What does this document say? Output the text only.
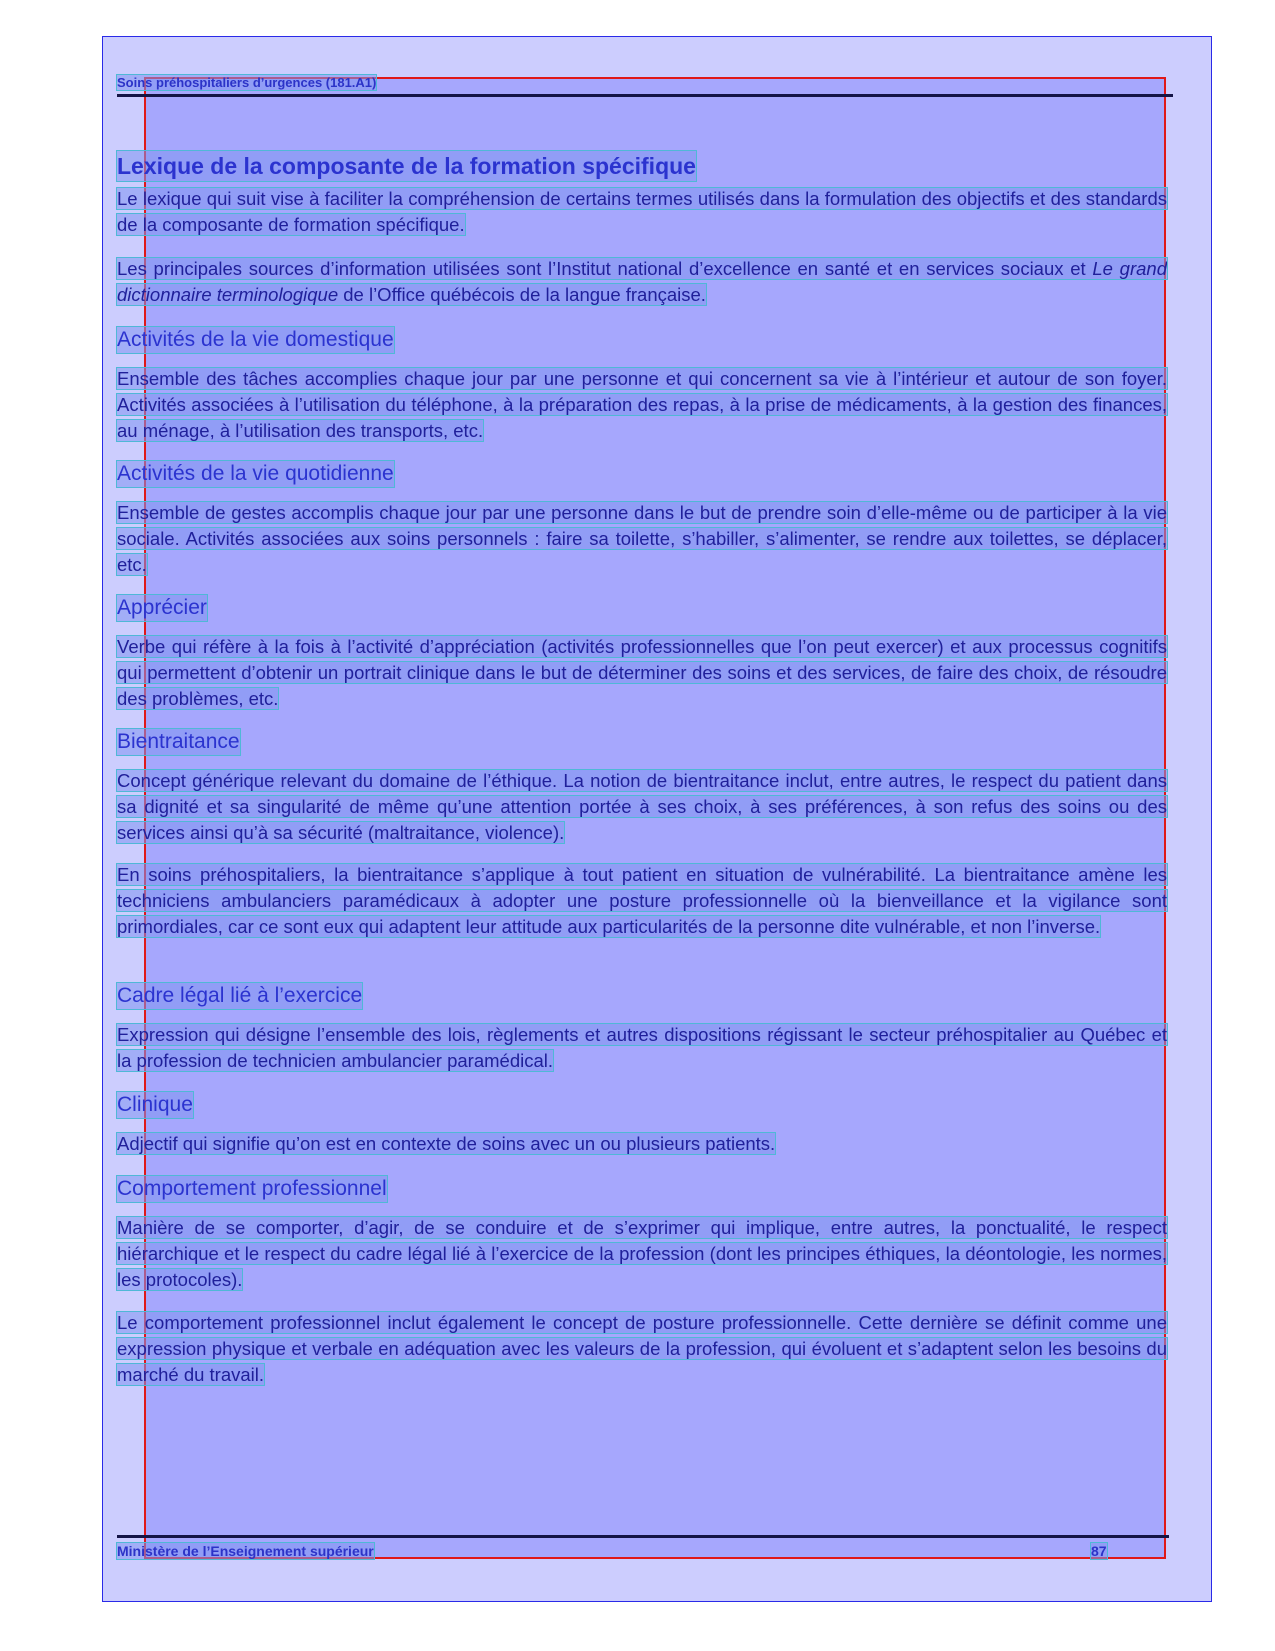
Soins préhospitaliers d’urgences (181.A1)
Lexique de la composante de la formation spécifique

Le lexique qui suit vise à faciliter la compréhension de certains termes utilisés dans la formulation des objectifs et des standards de la composante de formation spécifique.

Les principales sources d’information utilisées sont l’Institut national d’excellence en santé et en services sociaux et Le grand dictionnaire terminologique de l’Office québécois de la langue française.

Activités de la vie domestique

Ensemble des tâches accomplies chaque jour par une personne et qui concernent sa vie à l’intérieur et autour de son foyer. Activités associées à l’utilisation du téléphone, à la préparation des repas, à la prise de médicaments, à la gestion des finances, au ménage, à l’utilisation des transports, etc.

Activités de la vie quotidienne

Ensemble de gestes accomplis chaque jour par une personne dans le but de prendre soin d’elle-même ou de participer à la vie sociale. Activités associées aux soins personnels : faire sa toilette, s’habiller, s’alimenter, se rendre aux toilettes, se déplacer, etc.

Apprécier

Verbe qui réfère à la fois à l’activité d’appréciation (activités professionnelles que l’on peut exercer) et aux processus cognitifs qui permettent d’obtenir un portrait clinique dans le but de déterminer des soins et des services, de faire des choix, de résoudre des problèmes, etc.

Bientraitance

Concept générique relevant du domaine de l’éthique. La notion de bientraitance inclut, entre autres, le respect du patient dans sa dignité et sa singularité de même qu’une attention portée à ses choix, à ses préférences, à son refus des soins ou des services ainsi qu’à sa sécurité (maltraitance, violence).

En soins préhospitaliers, la bientraitance s’applique à tout patient en situation de vulnérabilité. La bientraitance amène les techniciens ambulanciers paramédicaux à adopter une posture professionnelle où la bienveillance et la vigilance sont primordiales, car ce sont eux qui adaptent leur attitude aux particularités de la personne dite vulnérable, et non l’inverse.

Cadre légal lié à l’exercice

Expression qui désigne l’ensemble des lois, règlements et autres dispositions régissant le secteur préhospitalier au Québec et la profession de technicien ambulancier paramédical.

Clinique

Adjectif qui signifie qu’on est en contexte de soins avec un ou plusieurs patients.

Comportement professionnel

Manière de se comporter, d’agir, de se conduire et de s’exprimer qui implique, entre autres, la ponctualité, le respect hiérarchique et le respect du cadre légal lié à l’exercice de la profession (dont les principes éthiques, la déontologie, les normes, les protocoles).

Le comportement professionnel inclut également le concept de posture professionnelle. Cette dernière se définit comme une expression physique et verbale en adéquation avec les valeurs de la profession, qui évoluent et s’adaptent selon les besoins du marché du travail.

Ministère de l’Enseignement supérieur	87
